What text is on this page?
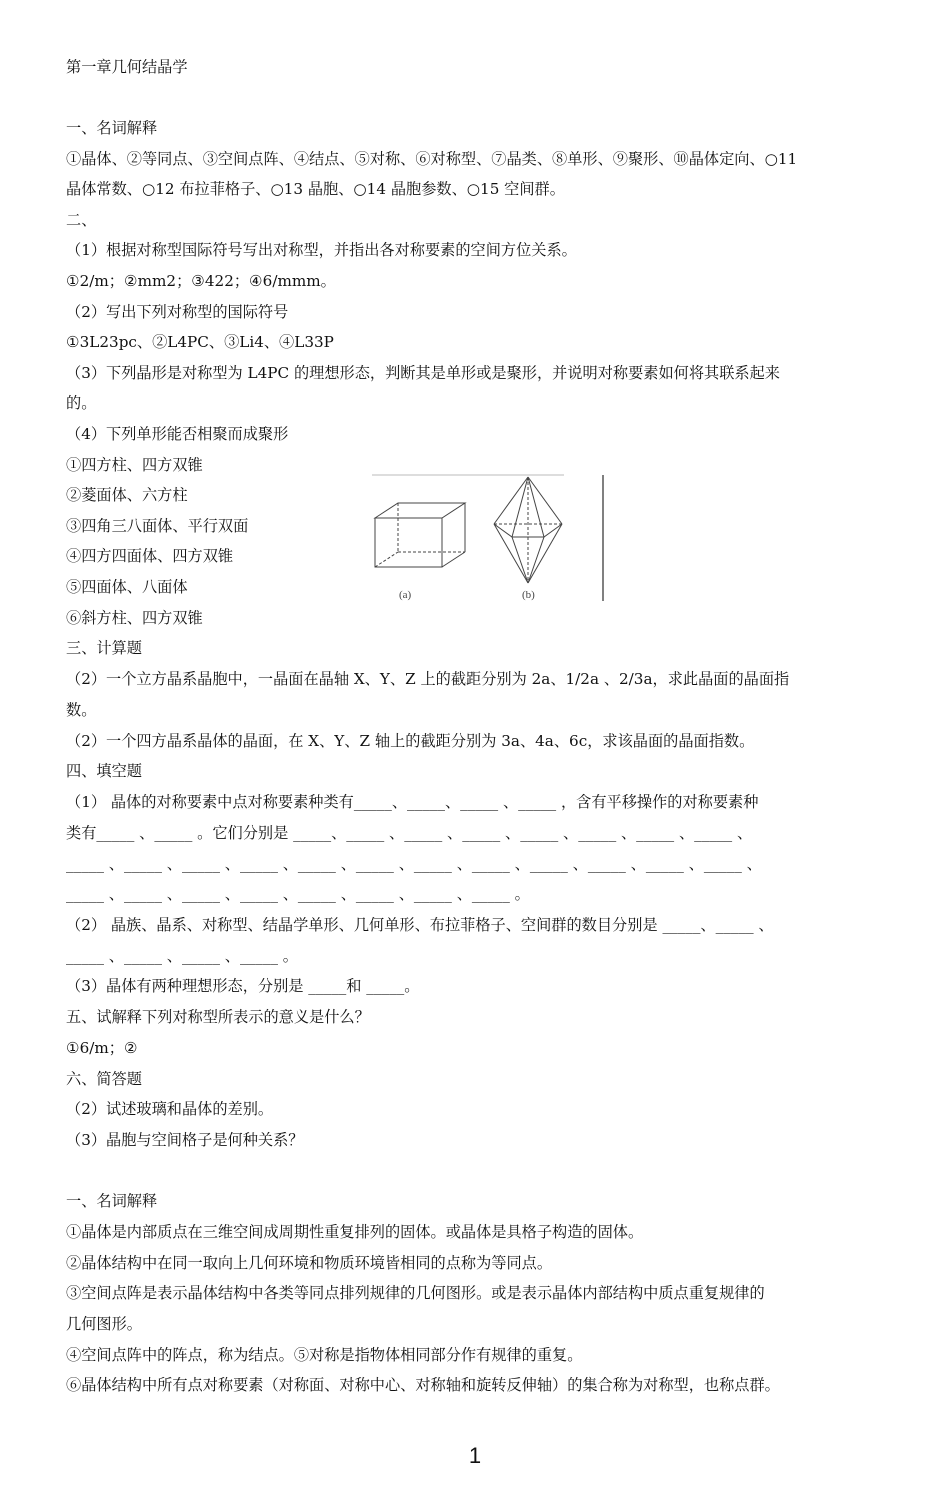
第一章几何结晶学
一、名词解释
①晶体、②等同点、③空间点阵、④结点、⑤对称、⑥对称型、⑦晶类、⑧单形、⑨聚形、⑩晶体定向、○11
晶体常数、○12 布拉菲格子、○13 晶胞、○14 晶胞参数、○15 空间群。
二、
（1）根据对称型国际符号写出对称型，并指出各对称要素的空间方位关系。
①2/m；②mm2；③422；④6/mmm。
（2）写出下列对称型的国际符号
①3L23pc、②L4PC、③Li4、④L33P
（3）下列晶形是对称型为 L4PC 的理想形态，判断其是单形或是聚形，并说明对称要素如何将其联系起来
的。
（4）下列单形能否相聚而成聚形
①四方柱、四方双锥
②菱面体、六方柱
③四角三八面体、平行双面
④四方四面体、四方双锥
⑤四面体、八面体
⑥斜方柱、四方双锥
(a)	(b)
三、计算题
（2）一个立方晶系晶胞中，一晶面在晶轴 X、Y、Z 上的截距分别为 2a、1/2a 、2/3a，求此晶面的晶面指
数。
（2）一个四方晶系晶体的晶面，在 X、Y、Z 轴上的截距分别为 3a、4a、6c，求该晶面的晶面指数。
四、填空题
（1） 晶体的对称要素中点对称要素种类有_____、_____、_____ 、_____ ，含有平移操作的对称要素种
类有_____ 、_____ 。它们分别是 _____、_____ 、_____ 、_____ 、_____ 、_____ 、_____ 、_____ 、
_____ 、_____ 、_____ 、_____ 、_____ 、_____ 、_____ 、_____ 、_____ 、_____ 、_____ 、_____ 、
_____ 、_____ 、_____ 、_____ 、_____ 、_____ 、_____ 、_____ 。
（2） 晶族、晶系、对称型、结晶学单形、几何单形、布拉菲格子、空间群的数目分别是 _____、_____ 、
_____ 、_____ 、_____ 、_____ 。
（3）晶体有两种理想形态，分别是 _____和 _____。
五、试解释下列对称型所表示的意义是什么？
①6/m；②
六、简答题
（2）试述玻璃和晶体的差别。
（3）晶胞与空间格子是何种关系？
一、名词解释
①晶体是内部质点在三维空间成周期性重复排列的固体。或晶体是具格子构造的固体。
②晶体结构中在同一取向上几何环境和物质环境皆相同的点称为等同点。
③空间点阵是表示晶体结构中各类等同点排列规律的几何图形。或是表示晶体内部结构中质点重复规律的
几何图形。
④空间点阵中的阵点，称为结点。⑤对称是指物体相同部分作有规律的重复。
⑥晶体结构中所有点对称要素（对称面、对称中心、对称轴和旋转反伸轴）的集合称为对称型，也称点群。
1
